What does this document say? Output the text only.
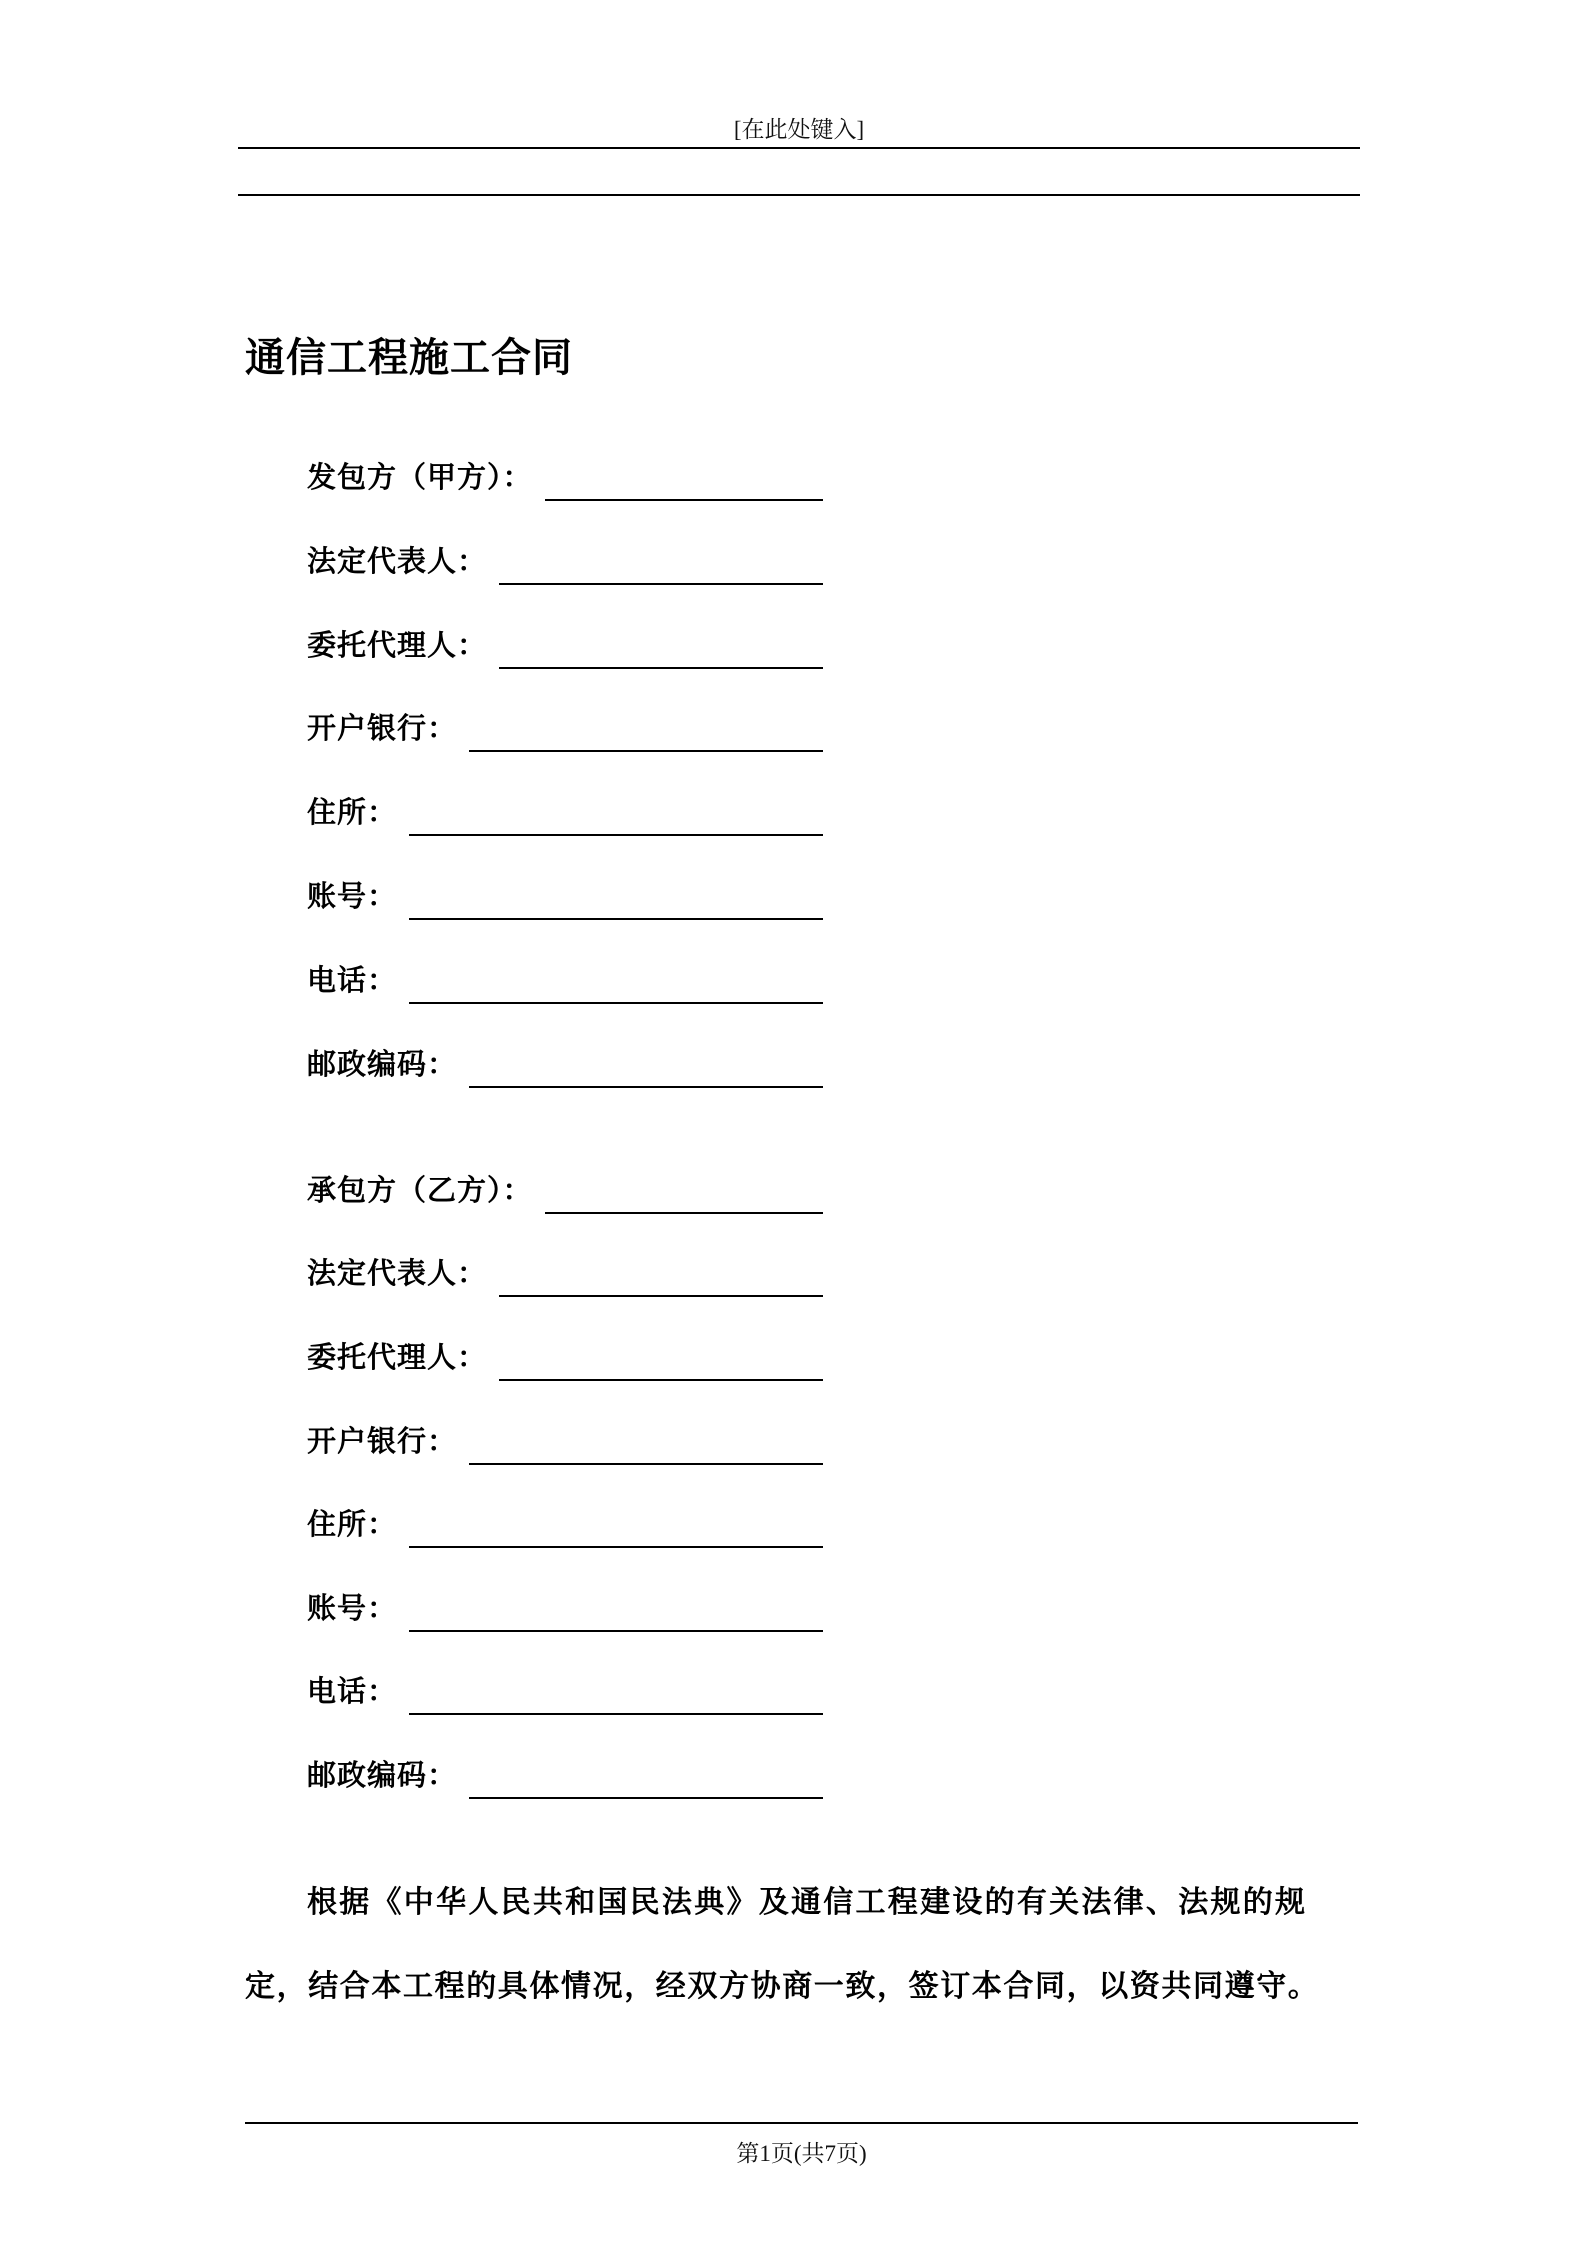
[在此处键入]
通信工程施工合同
发包方（甲方）：
法定代表人：
委托代理人：
开户银行：
住所：
账号：
电话：
邮政编码：
承包方（乙方）：
法定代表人：
委托代理人：
开户银行：
住所：
账号：
电话：
邮政编码：
根据《中华人民共和国民法典》及通信工程建设的有关法律、法规的规
定，结合本工程的具体情况，经双方协商一致，签订本合同，以资共同遵守。
第1页(共7页)
